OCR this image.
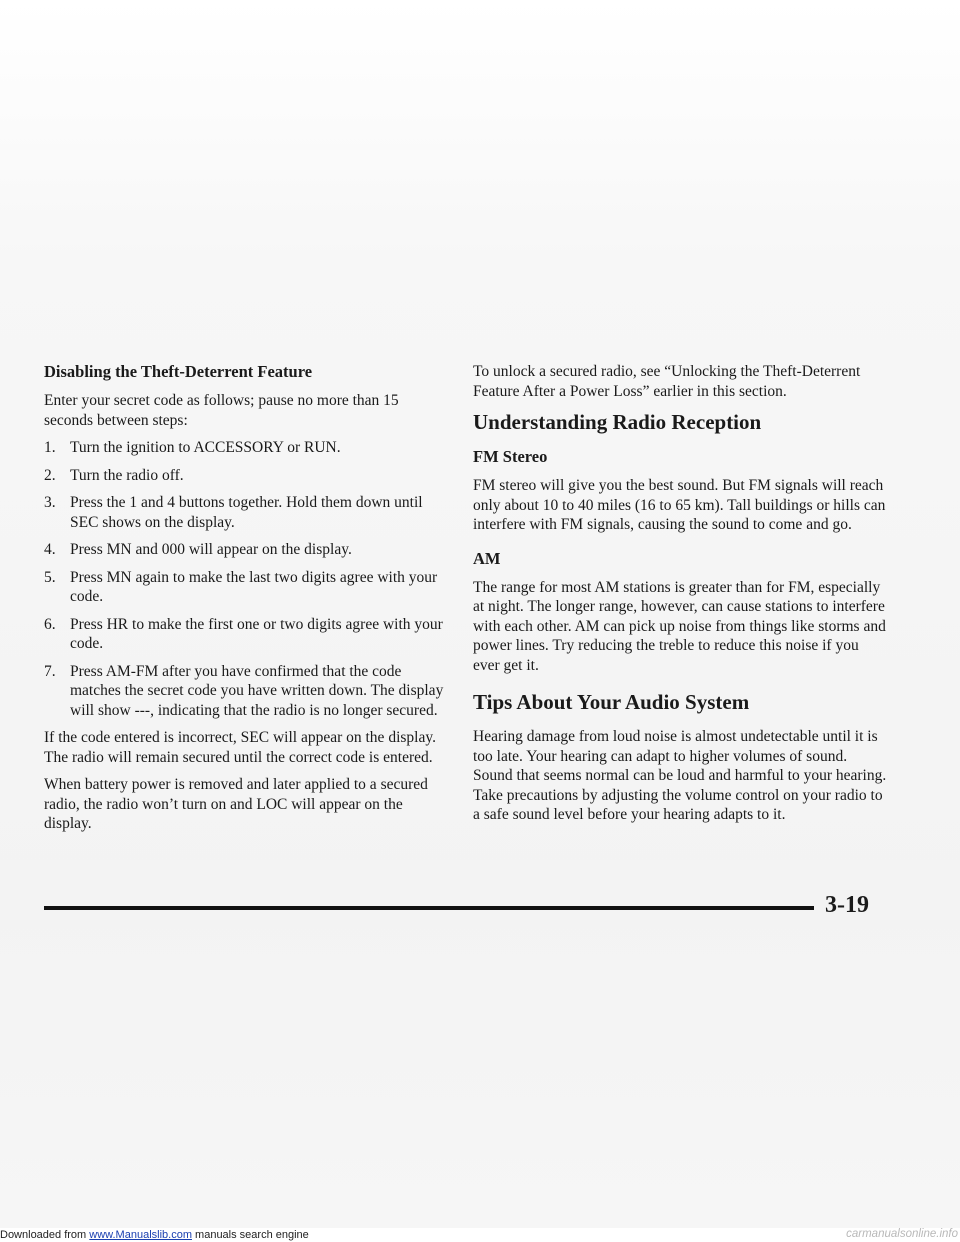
Disabling the Theft-Deterrent Feature

Enter your secret code as follows; pause no more than 15 seconds between steps:

1. Turn the ignition to ACCESSORY or RUN.
2. Turn the radio off.
3. Press the 1 and 4 buttons together. Hold them down until SEC shows on the display.
4. Press MN and 000 will appear on the display.
5. Press MN again to make the last two digits agree with your code.
6. Press HR to make the first one or two digits agree with your code.
7. Press AM-FM after you have confirmed that the code matches the secret code you have written down. The display will show ---, indicating that the radio is no longer secured.

If the code entered is incorrect, SEC will appear on the display. The radio will remain secured until the correct code is entered.

When battery power is removed and later applied to a secured radio, the radio won’t turn on and LOC will appear on the display.

To unlock a secured radio, see “Unlocking the Theft-Deterrent Feature After a Power Loss” earlier in this section.

Understanding Radio Reception
FM Stereo

FM stereo will give you the best sound. But FM signals will reach only about 10 to 40 miles (16 to 65 km). Tall buildings or hills can interfere with FM signals, causing the sound to come and go.

AM

The range for most AM stations is greater than for FM, especially at night. The longer range, however, can cause stations to interfere with each other. AM can pick up noise from things like storms and power lines. Try reducing the treble to reduce this noise if you ever get it.

Tips About Your Audio System

Hearing damage from loud noise is almost undetectable until it is too late. Your hearing can adapt to higher volumes of sound. Sound that seems normal can be loud and harmful to your hearing. Take precautions by adjusting the volume control on your radio to a safe sound level before your hearing adapts to it.

3-19
Downloaded from www.Manualslib.com manuals search engine	carmanualsonline.info
